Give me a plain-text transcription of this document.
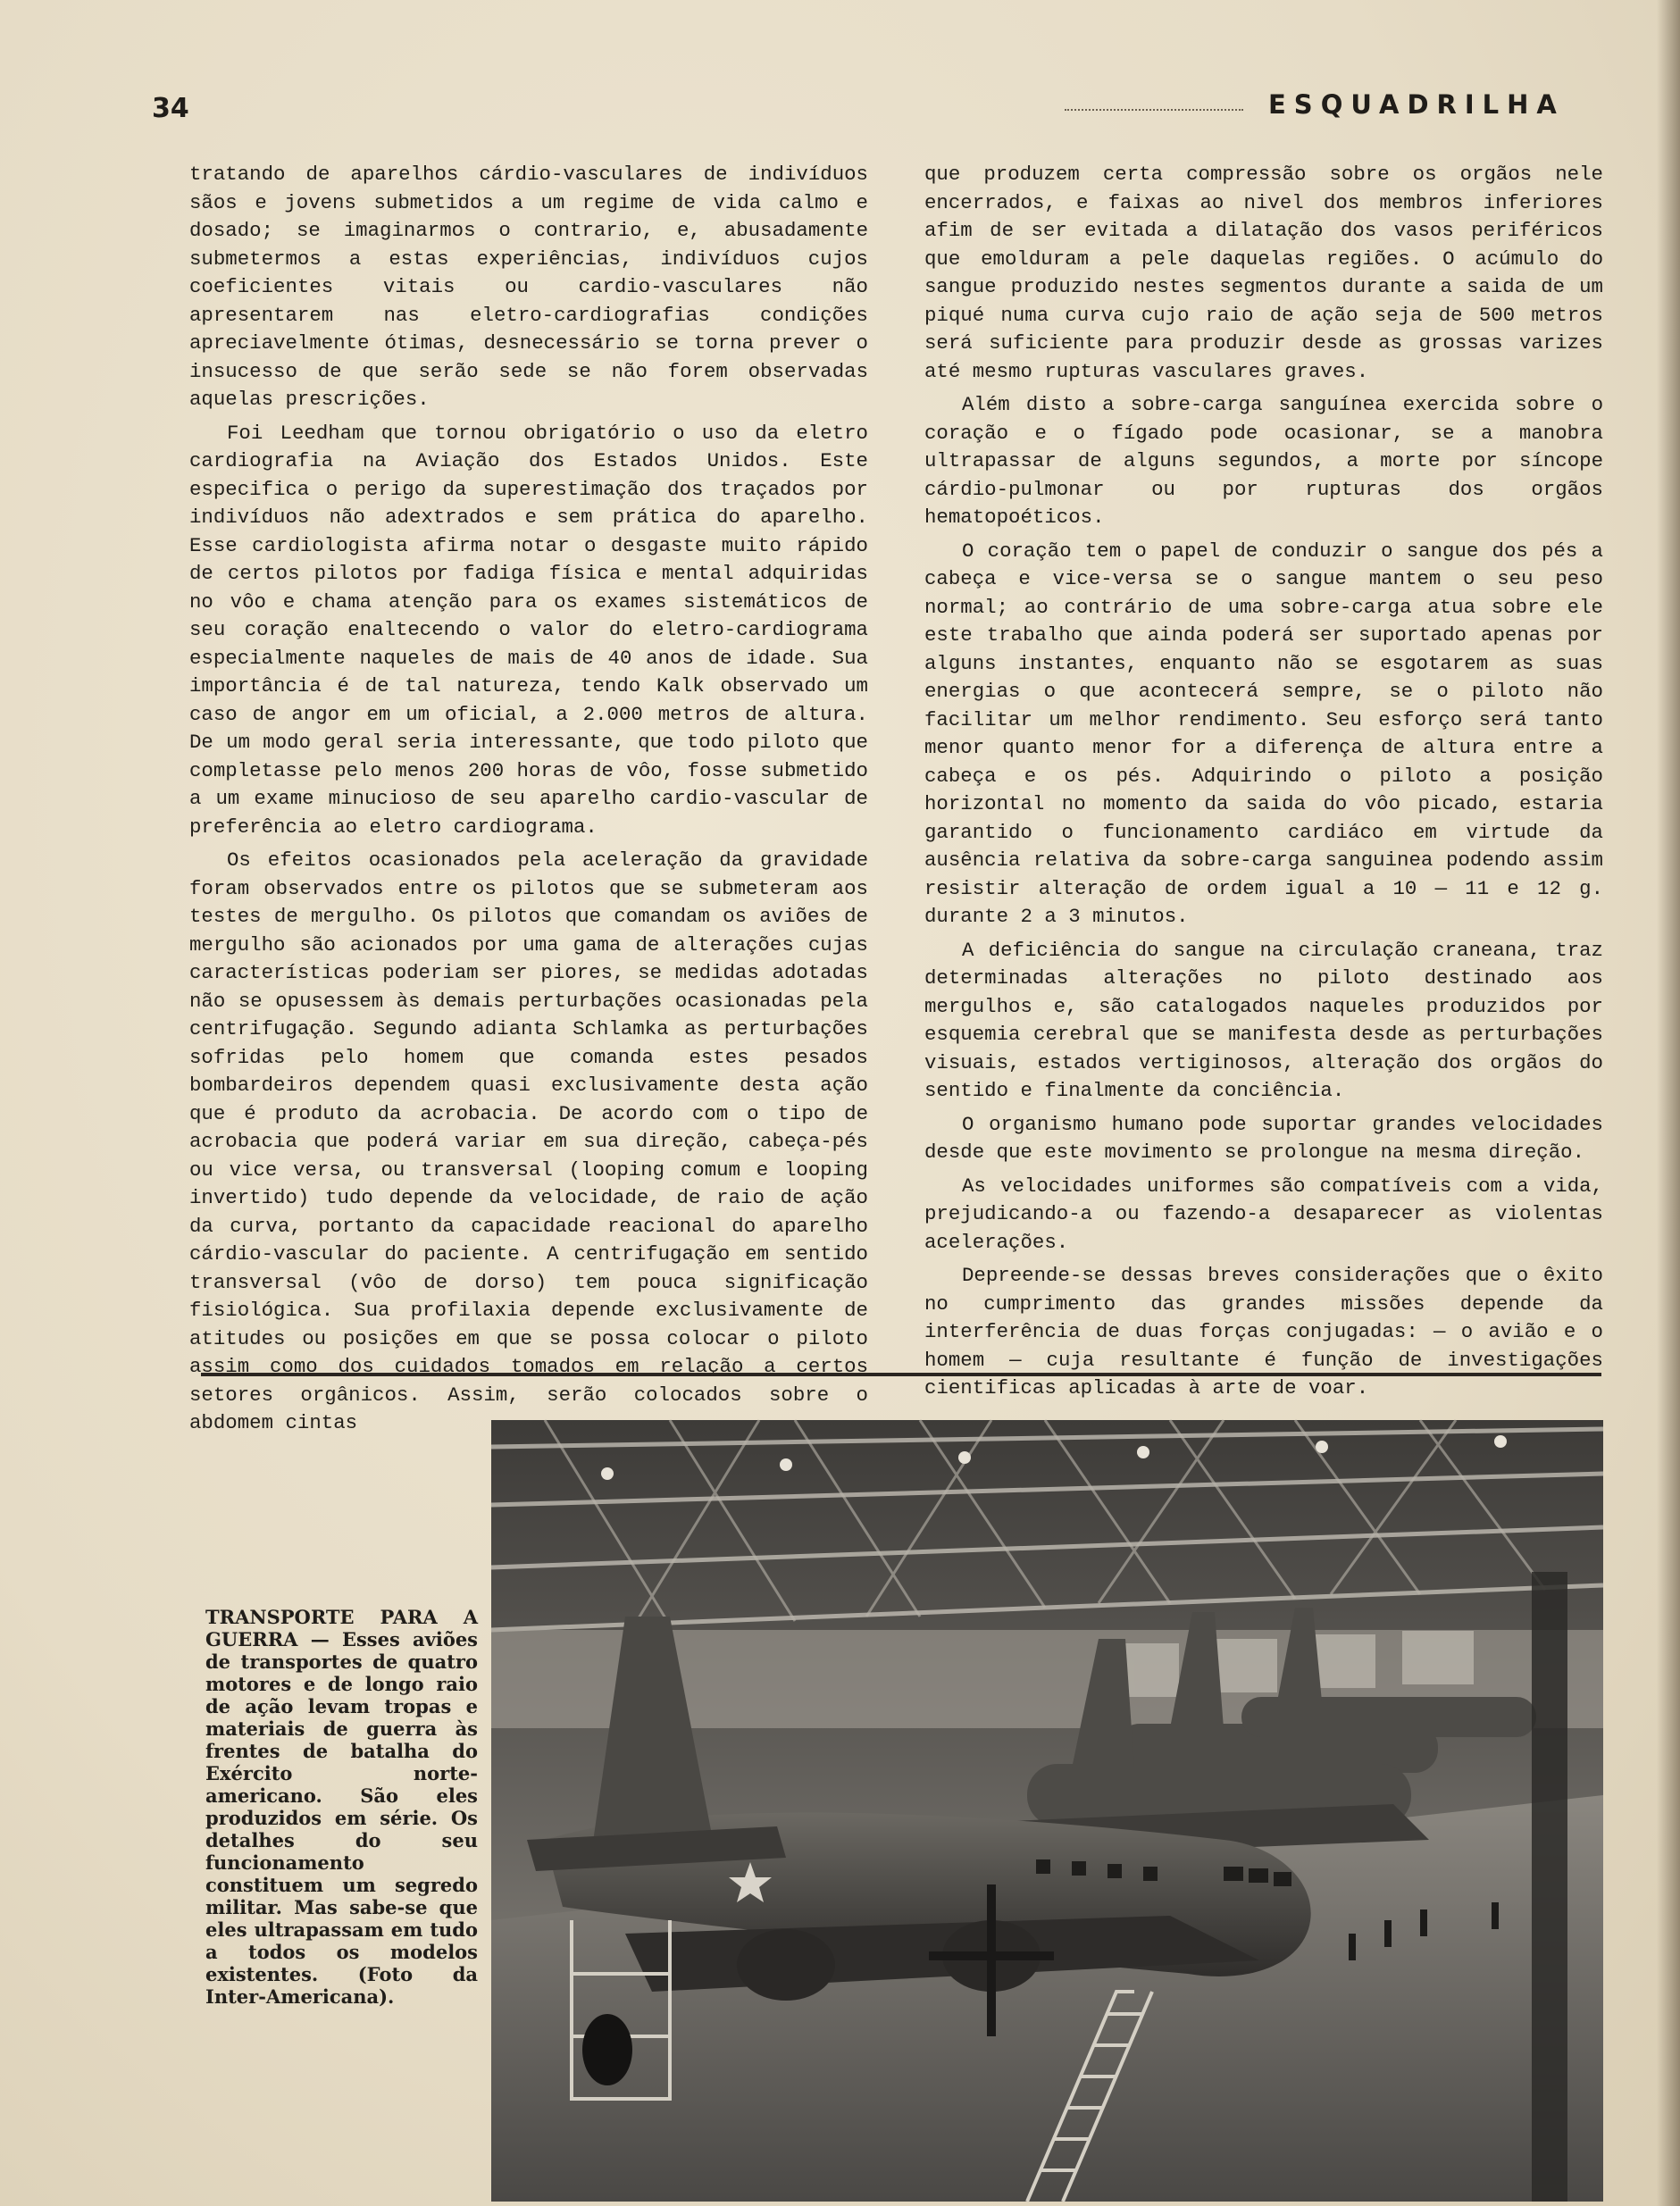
34	ESQUADRILHA

tratando de aparelhos cárdio-vasculares de indivíduos sãos e jovens submetidos a um regime de vida calmo e dosado; se imaginarmos o contrario, e, abusadamente submetermos a estas experiências, indivíduos cujos coeficientes vitais ou cardio-vasculares não apresentarem nas eletro-cardiografias condições apreciavelmente ótimas, desnecessário se torna prever o insucesso de que serão sede se não forem observadas aquelas prescrições.

Foi Leedham que tornou obrigatório o uso da eletro cardiografia na Aviação dos Estados Unidos. Este especifica o perigo da superestimação dos traçados por indivíduos não adextrados e sem prática do aparelho. Esse cardiologista afirma notar o desgaste muito rápido de certos pilotos por fadiga física e mental adquiridas no vôo e chama atenção para os exames sistemáticos de seu coração enaltecendo o valor do eletro-cardiograma especialmente naqueles de mais de 40 anos de idade. Sua importância é de tal natureza, tendo Kalk observado um caso de angor em um oficial, a 2.000 metros de altura. De um modo geral seria interessante, que todo piloto que completasse pelo menos 200 horas de vôo, fosse submetido a um exame minucioso de seu aparelho cardio-vascular de preferência ao eletro cardiograma.

Os efeitos ocasionados pela aceleração da gravidade foram observados entre os pilotos que se submeteram aos testes de mergulho. Os pilotos que comandam os aviões de mergulho são acionados por uma gama de alterações cujas características poderiam ser piores, se medidas adotadas não se opusessem às demais perturbações ocasionadas pela centrifugação. Segundo adianta Schlamka as perturbações sofridas pelo homem que comanda estes pesados bombardeiros dependem quasi exclusivamente desta ação que é produto da acrobacia. De acordo com o tipo de acrobacia que poderá variar em sua direção, cabeça-pés ou vice versa, ou transversal (looping comum e looping invertido) tudo depende da velocidade, de raio de ação da curva, portanto da capacidade reacional do aparelho cárdio-vascular do paciente. A centrifugação em sentido transversal (vôo de dorso) tem pouca significação fisiológica. Sua profilaxia depende exclusivamente de atitudes ou posições em que se possa colocar o piloto assim como dos cuidados tomados em relação a certos setores orgânicos. Assim, serão colocados sobre o abdomem cintas

que produzem certa compressão sobre os orgãos nele encerrados, e faixas ao nivel dos membros inferiores afim de ser evitada a dilatação dos vasos periféricos que emolduram a pele daquelas regiões. O acúmulo do sangue produzido nestes segmentos durante a saida de um piqué numa curva cujo raio de ação seja de 500 metros será suficiente para produzir desde as grossas varizes até mesmo rupturas vasculares graves.

Além disto a sobre-carga sanguínea exercida sobre o coração e o fígado pode ocasionar, se a manobra ultrapassar de alguns segundos, a morte por síncope cárdio-pulmonar ou por rupturas dos orgãos hematopoéticos.

O coração tem o papel de conduzir o sangue dos pés a cabeça e vice-versa se o sangue mantem o seu peso normal; ao contrário de uma sobre-carga atua sobre ele este trabalho que ainda poderá ser suportado apenas por alguns instantes, enquanto não se esgotarem as suas energias o que acontecerá sempre, se o piloto não facilitar um melhor rendimento. Seu esforço será tanto menor quanto menor for a diferença de altura entre a cabeça e os pés. Adquirindo o piloto a posição horizontal no momento da saida do vôo picado, estaria garantido o funcionamento cardiáco em virtude da ausência relativa da sobre-carga sanguinea podendo assim resistir alteração de ordem igual a 10 — 11 e 12 g. durante 2 a 3 minutos.

A deficiência do sangue na circulação craneana, traz determinadas alterações no piloto destinado aos mergulhos e, são catalogados naqueles produzidos por esquemia cerebral que se manifesta desde as perturbações visuais, estados vertiginosos, alteração dos orgãos do sentido e finalmente da conciência.

O organismo humano pode suportar grandes velocidades desde que este movimento se prolongue na mesma direção.

As velocidades uniformes são compatíveis com a vida, prejudicando-a ou fazendo-a desaparecer as violentas acelerações.

Depreende-se dessas breves considerações que o êxito no cumprimento das grandes missões depende da interferência de duas forças conjugadas: — o avião e o homem — cuja resultante é função de investigações cientificas aplicadas à arte de voar.

TRANSPORTE PARA A GUERRA — Esses aviões de transportes de quatro motores e de longo raio de ação levam tropas e materiais de guerra às frentes de batalha do Exército norte-americano. São eles produzidos em série. Os detalhes do seu funcionamento constituem um segredo militar. Mas sabe-se que eles ultrapassam em tudo a todos os modelos existentes. (Foto da Inter-Americana).
